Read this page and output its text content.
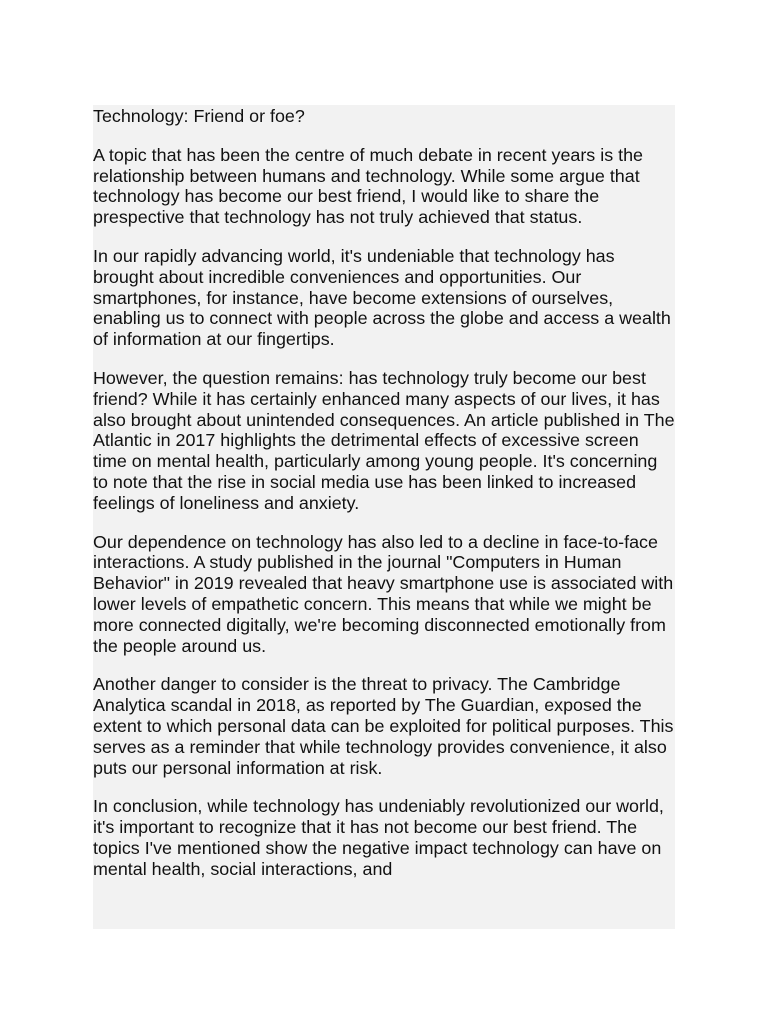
Technology: Friend or foe?

A topic that has been the centre of much debate in recent years is the relationship between humans and technology. While some argue that technology has become our best friend, I would like to share the prespective that technology has not truly achieved that status.

In our rapidly advancing world, it's undeniable that technology has brought about incredible conveniences and opportunities. Our smartphones, for instance, have become extensions of ourselves, enabling us to connect with people across the globe and access a wealth of information at our fingertips.

However, the question remains: has technology truly become our best friend? While it has certainly enhanced many aspects of our lives, it has also brought about unintended consequences. An article published in The Atlantic in 2017 highlights the detrimental effects of excessive screen time on mental health, particularly among young people. It's concerning to note that the rise in social media use has been linked to increased feelings of loneliness and anxiety.

Our dependence on technology has also led to a decline in face-to-face interactions. A study published in the journal "Computers in Human Behavior" in 2019 revealed that heavy smartphone use is associated with lower levels of empathetic concern. This means that while we might be more connected digitally, we're becoming disconnected emotionally from the people around us.

Another danger to consider is the threat to privacy. The Cambridge Analytica scandal in 2018, as reported by The Guardian, exposed the extent to which personal data can be exploited for political purposes. This serves as a reminder that while technology provides convenience, it also puts our personal information at risk.

In conclusion, while technology has undeniably revolutionized our world, it's important to recognize that it has not become our best friend. The topics I've mentioned show the negative impact technology can have on mental health, social interactions, and
